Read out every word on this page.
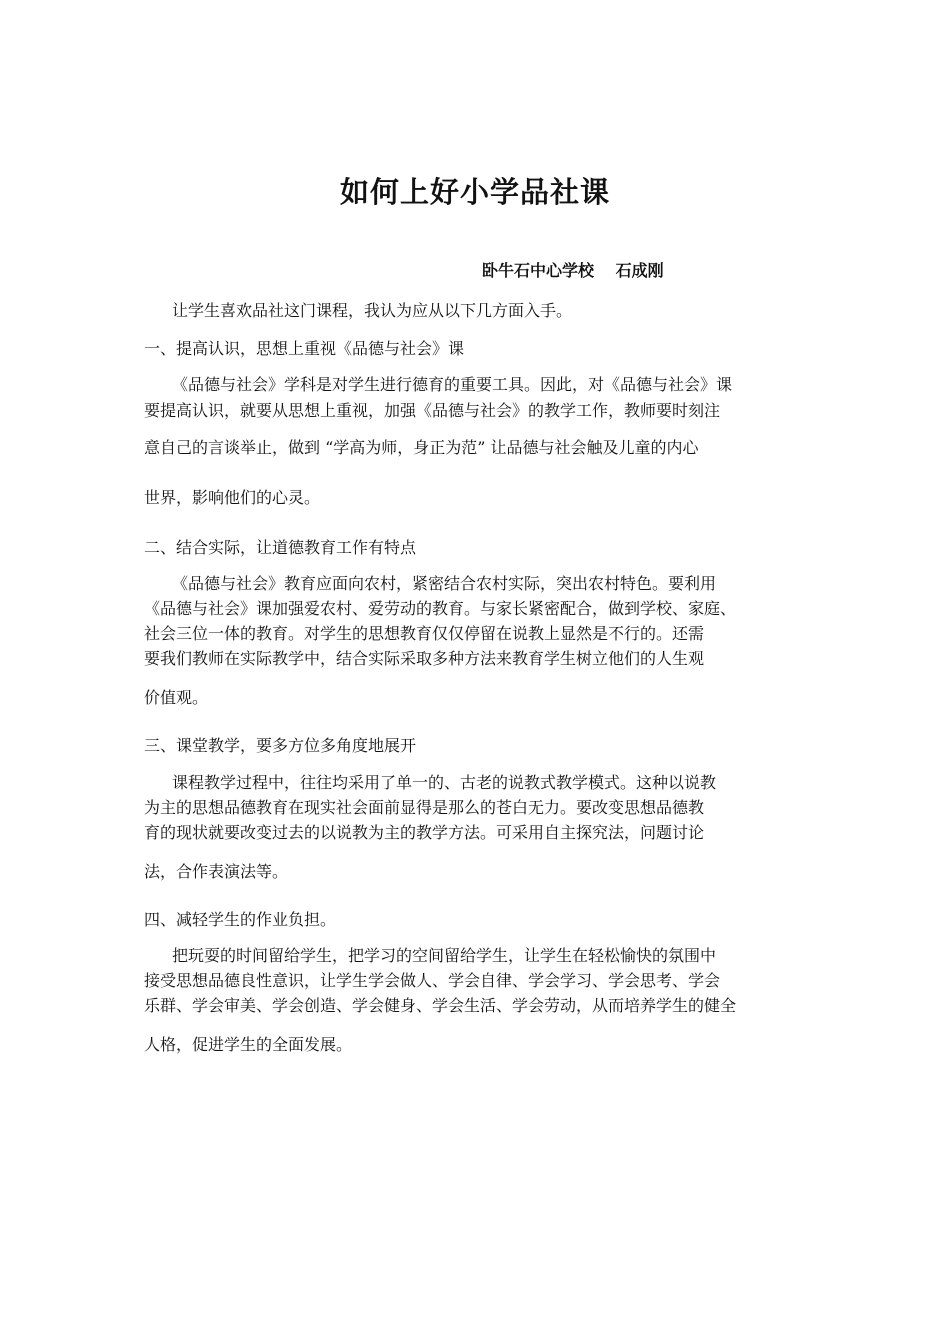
如何上好小学品社课
卧牛石中心学校　 石成刚
让学生喜欢品社这门课程，我认为应从以下几方面入手。
一、提高认识，思想上重视《品德与社会》课
《品德与社会》学科是对学生进行德育的重要工具。因此，对《品德与社会》课
要提高认识，就要从思想上重视，加强《品德与社会》的教学工作，教师要时刻注
意自己的言谈举止，做到 “学高为师，身正为范” 让品德与社会触及儿童的内心
世界，影响他们的心灵。
二、结合实际，让道德教育工作有特点
《品德与社会》教育应面向农村，紧密结合农村实际，突出农村特色。要利用
《品德与社会》课加强爱农村、爱劳动的教育。与家长紧密配合，做到学校、家庭、
社会三位一体的教育。对学生的思想教育仅仅停留在说教上显然是不行的。还需
要我们教师在实际教学中，结合实际采取多种方法来教育学生树立他们的人生观
价值观。
三、课堂教学，要多方位多角度地展开
课程教学过程中，往往均采用了单一的、古老的说教式教学模式。这种以说教
为主的思想品德教育在现实社会面前显得是那么的苍白无力。要改变思想品德教
育的现状就要改变过去的以说教为主的教学方法。可采用自主探究法，问题讨论
法，合作表演法等。
四、减轻学生的作业负担。
把玩耍的时间留给学生，把学习的空间留给学生，让学生在轻松愉快的氛围中
接受思想品德良性意识，让学生学会做人、学会自律、学会学习、学会思考、学会
乐群、学会审美、学会创造、学会健身、学会生活、学会劳动，从而培养学生的健全
人格，促进学生的全面发展。
